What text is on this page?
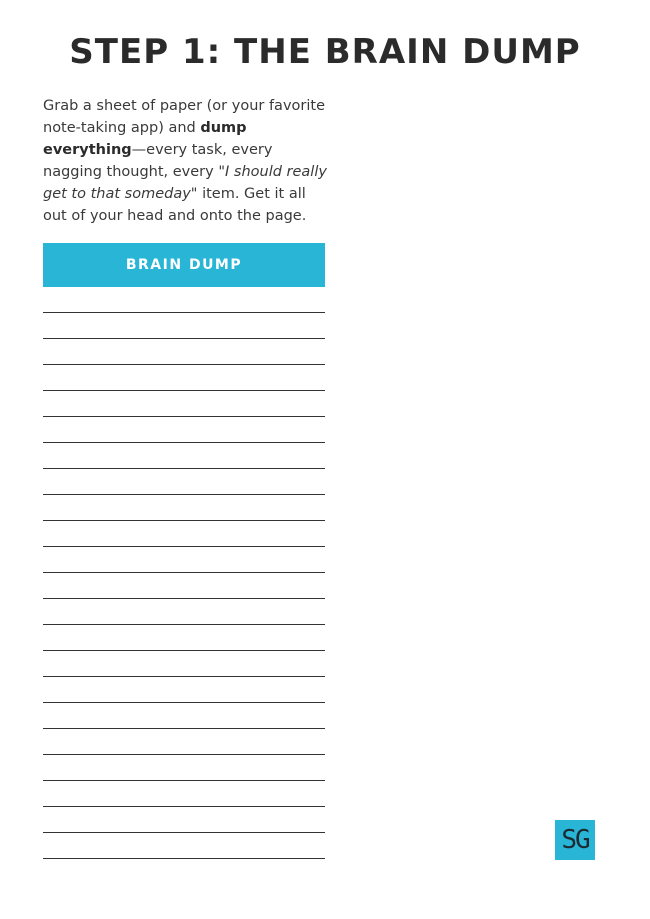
STEP 1: THE BRAIN DUMP
Grab a sheet of paper (or your favorite note-taking app) and dump everything—every task, every nagging thought, every "I should really get to that someday" item. Get it all out of your head and onto the page.
BRAIN DUMP
SG
